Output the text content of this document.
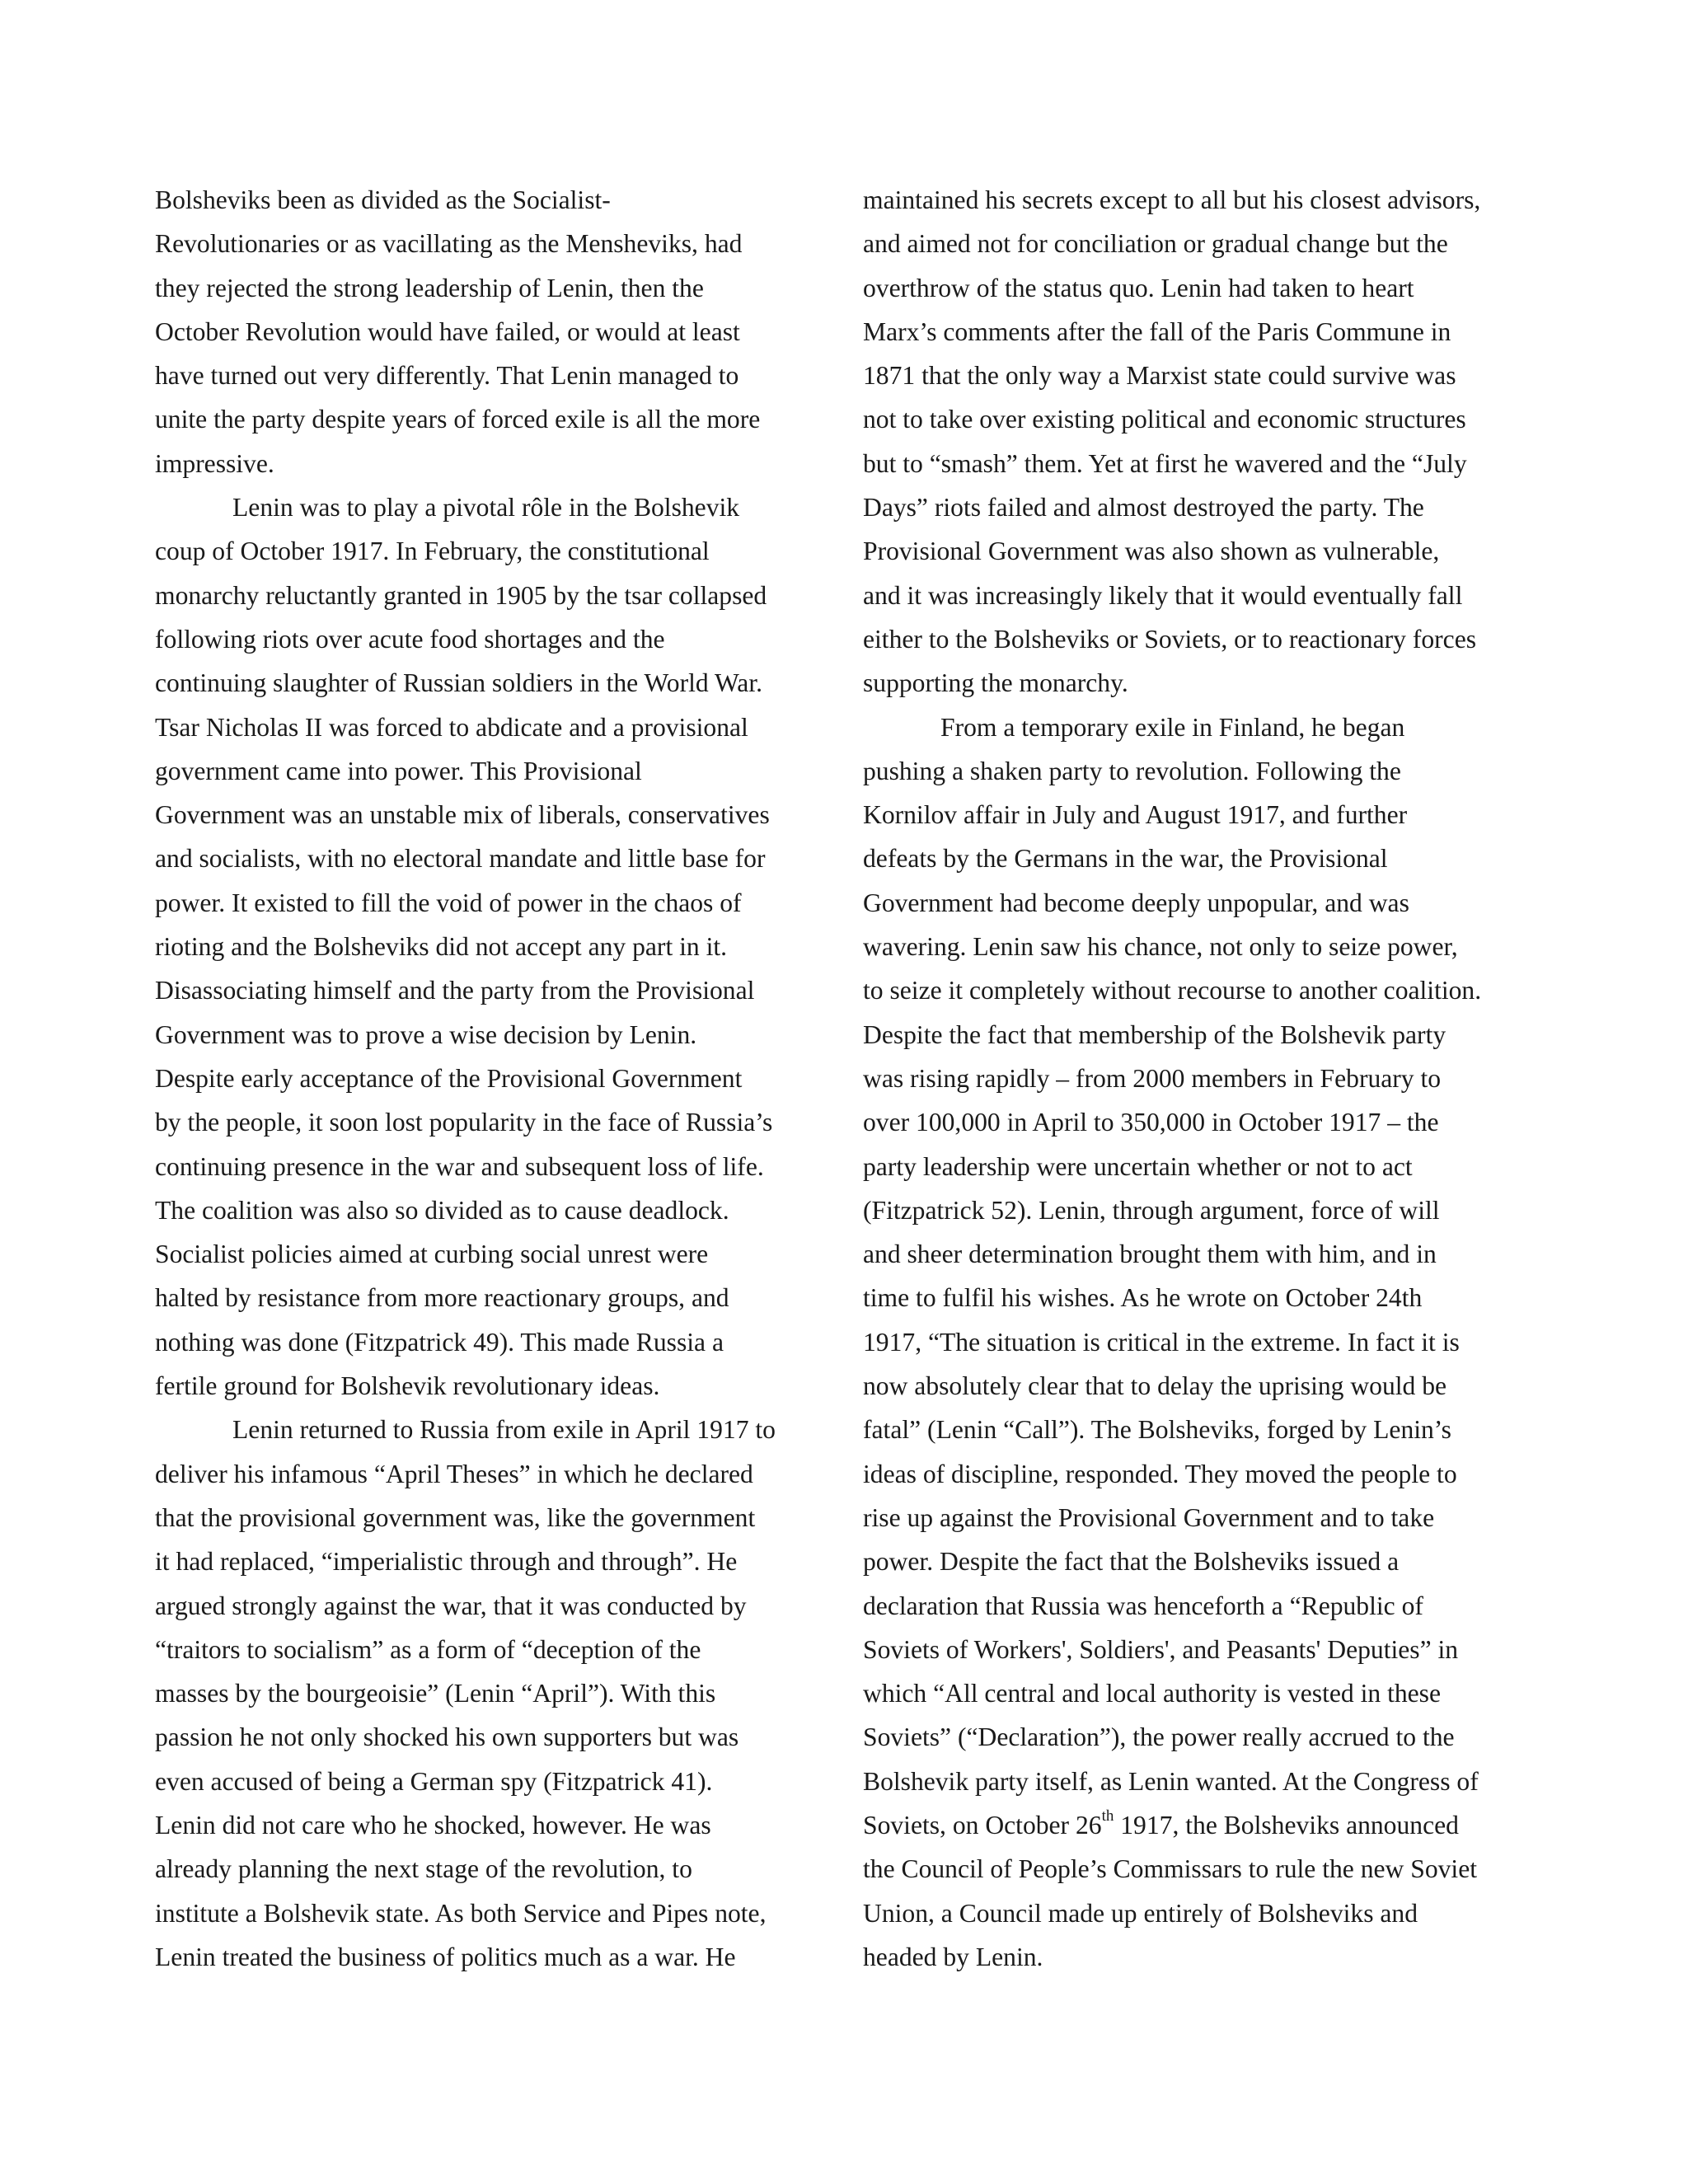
Bolsheviks been as divided as the Socialist-
Revolutionaries or as vacillating as the Mensheviks, had
they rejected the strong leadership of Lenin, then the
October Revolution would have failed, or would at least
have turned out very differently. That Lenin managed to
unite the party despite years of forced exile is all the more
impressive.
Lenin was to play a pivotal rôle in the Bolshevik
coup of October 1917. In February, the constitutional
monarchy reluctantly granted in 1905 by the tsar collapsed
following riots over acute food shortages and the
continuing slaughter of Russian soldiers in the World War.
Tsar Nicholas II was forced to abdicate and a provisional
government came into power. This Provisional
Government was an unstable mix of liberals, conservatives
and socialists, with no electoral mandate and little base for
power. It existed to fill the void of power in the chaos of
rioting and the Bolsheviks did not accept any part in it.
Disassociating himself and the party from the Provisional
Government was to prove a wise decision by Lenin.
Despite early acceptance of the Provisional Government
by the people, it soon lost popularity in the face of Russia’s
continuing presence in the war and subsequent loss of life.
The coalition was also so divided as to cause deadlock.
Socialist policies aimed at curbing social unrest were
halted by resistance from more reactionary groups, and
nothing was done (Fitzpatrick 49). This made Russia a
fertile ground for Bolshevik revolutionary ideas.
Lenin returned to Russia from exile in April 1917 to
deliver his infamous “April Theses” in which he declared
that the provisional government was, like the government
it had replaced, “imperialistic through and through”. He
argued strongly against the war, that it was conducted by
“traitors to socialism” as a form of “deception of the
masses by the bourgeoisie” (Lenin “April”). With this
passion he not only shocked his own supporters but was
even accused of being a German spy (Fitzpatrick 41).
Lenin did not care who he shocked, however. He was
already planning the next stage of the revolution, to
institute a Bolshevik state. As both Service and Pipes note,
Lenin treated the business of politics much as a war. He
maintained his secrets except to all but his closest advisors,
and aimed not for conciliation or gradual change but the
overthrow of the status quo. Lenin had taken to heart
Marx’s comments after the fall of the Paris Commune in
1871 that the only way a Marxist state could survive was
not to take over existing political and economic structures
but to “smash” them. Yet at first he wavered and the “July
Days” riots failed and almost destroyed the party. The
Provisional Government was also shown as vulnerable,
and it was increasingly likely that it would eventually fall
either to the Bolsheviks or Soviets, or to reactionary forces
supporting the monarchy.
From a temporary exile in Finland, he began
pushing a shaken party to revolution. Following the
Kornilov affair in July and August 1917, and further
defeats by the Germans in the war, the Provisional
Government had become deeply unpopular, and was
wavering. Lenin saw his chance, not only to seize power,
to seize it completely without recourse to another coalition.
Despite the fact that membership of the Bolshevik party
was rising rapidly – from 2000 members in February to
over 100,000 in April to 350,000 in October 1917 – the
party leadership were uncertain whether or not to act
(Fitzpatrick 52). Lenin, through argument, force of will
and sheer determination brought them with him, and in
time to fulfil his wishes. As he wrote on October 24th
1917, “The situation is critical in the extreme. In fact it is
now absolutely clear that to delay the uprising would be
fatal” (Lenin “Call”). The Bolsheviks, forged by Lenin’s
ideas of discipline, responded. They moved the people to
rise up against the Provisional Government and to take
power. Despite the fact that the Bolsheviks issued a
declaration that Russia was henceforth a “Republic of
Soviets of Workers', Soldiers', and Peasants' Deputies” in
which “All central and local authority is vested in these
Soviets” (“Declaration”), the power really accrued to the
Bolshevik party itself, as Lenin wanted. At the Congress of
Soviets, on October 26th 1917, the Bolsheviks announced
the Council of People’s Commissars to rule the new Soviet
Union, a Council made up entirely of Bolsheviks and
headed by Lenin.
